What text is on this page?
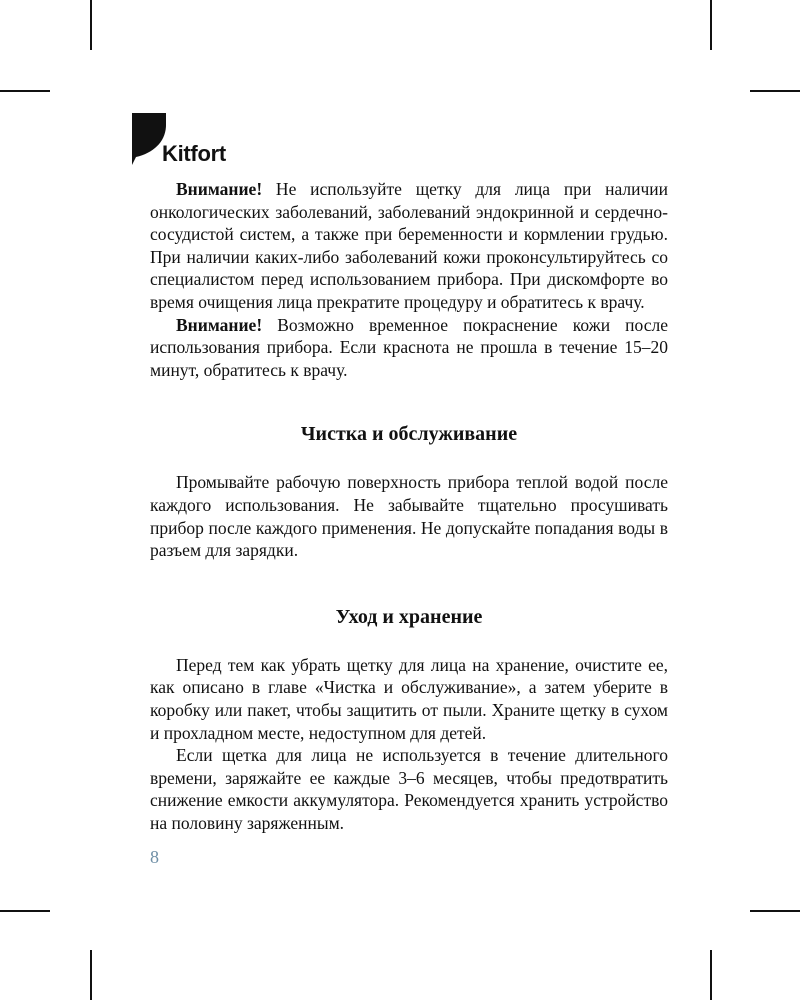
Kitfort

Внимание! Не используйте щетку для лица при наличии онкологических заболеваний, заболеваний эндокринной и сердечно-сосудистой систем, а также при беременности и кормлении грудью. При наличии каких-либо заболеваний кожи проконсультируйтесь со специалистом перед использованием прибора. При дискомфорте во время очищения лица прекратите процедуру и обратитесь к врачу.

Внимание! Возможно временное покраснение кожи после использования прибора. Если краснота не прошла в течение 15–20 минут, обратитесь к врачу.

Чистка и обслуживание

Промывайте рабочую поверхность прибора теплой водой после каждого использования. Не забывайте тщательно просушивать прибор после каждого применения. Не допускайте попадания воды в разъем для зарядки.

Уход и хранение

Перед тем как убрать щетку для лица на хранение, очистите ее, как описано в главе «Чистка и обслуживание», а затем уберите в коробку или пакет, чтобы защитить от пыли. Храните щетку в сухом и прохладном месте, недоступном для детей.

Если щетка для лица не используется в течение длительного времени, заряжайте ее каждые 3–6 месяцев, чтобы предотвратить снижение емкости аккумулятора. Рекомендуется хранить устройство на половину заряженным.

8
